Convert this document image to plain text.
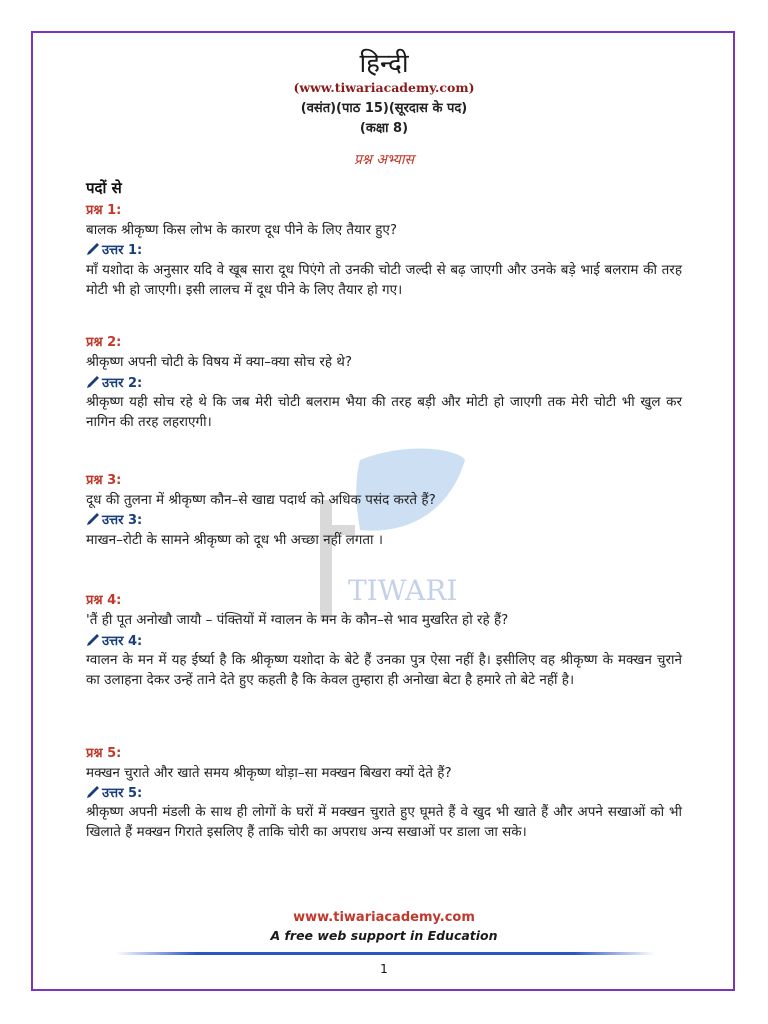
हिन्दी
(www.tiwariacademy.com)
(वसंत)(पाठ 15)(सूरदास के पद)
(कक्षा 8)
प्रश्न अभ्यास
TIWARI
पदों से
प्रश्न 1:
बालक श्रीकृष्ण किस लोभ के कारण दूध पीने के लिए तैयार हुए?
उत्तर 1:
माँ यशोदा के अनुसार यदि वे खूब सारा दूध पिएंगे तो उनकी चोटी जल्दी से बढ़ जाएगी और उनके बड़े भाई बलराम की तरह मोटी भी हो जाएगी। इसी लालच में दूध पीने के लिए तैयार हो गए।
प्रश्न 2:
श्रीकृष्ण अपनी चोटी के विषय में क्या–क्या सोच रहे थे?
उत्तर 2:
श्रीकृष्ण यही सोच रहे थे कि जब मेरी चोटी बलराम भैया की तरह बड़ी और मोटी हो जाएगी तक मेरी चोटी भी खुल कर नागिन की तरह लहराएगी।
प्रश्न 3:
दूध की तुलना में श्रीकृष्ण कौन–से खाद्य पदार्थ को अधिक पसंद करते हैं?
उत्तर 3:
माखन–रोटी के सामने श्रीकृष्ण को दूध भी अच्छा नहीं लगता ।
प्रश्न 4:
'तैं ही पूत अनोखौ जायौ – पंक्तियों में ग्वालन के मन के कौन–से भाव मुखरित हो रहे हैं?
उत्तर 4:
ग्वालन के मन में यह ईर्ष्या है कि श्रीकृष्ण यशोदा के बेटे हैं उनका पुत्र ऐसा नहीं है। इसीलिए वह श्रीकृष्ण के मक्खन चुराने का उलाहना देकर उन्हें ताने देते हुए कहती है कि केवल तुम्हारा ही अनोखा बेटा है हमारे तो बेटे नहीं है।
प्रश्न 5:
मक्खन चुराते और खाते समय श्रीकृष्ण थोड़ा–सा मक्खन बिखरा क्यों देते हैं?
उत्तर 5:
श्रीकृष्ण अपनी मंडली के साथ ही लोगों के घरों में मक्खन चुराते हुए घूमते हैं वे खुद भी खाते हैं और अपने सखाओं को भी खिलाते हैं मक्खन गिराते इसलिए हैं ताकि चोरी का अपराध अन्य सखाओं पर डाला जा सके।
www.tiwariacademy.com
A free web support in Education
1
